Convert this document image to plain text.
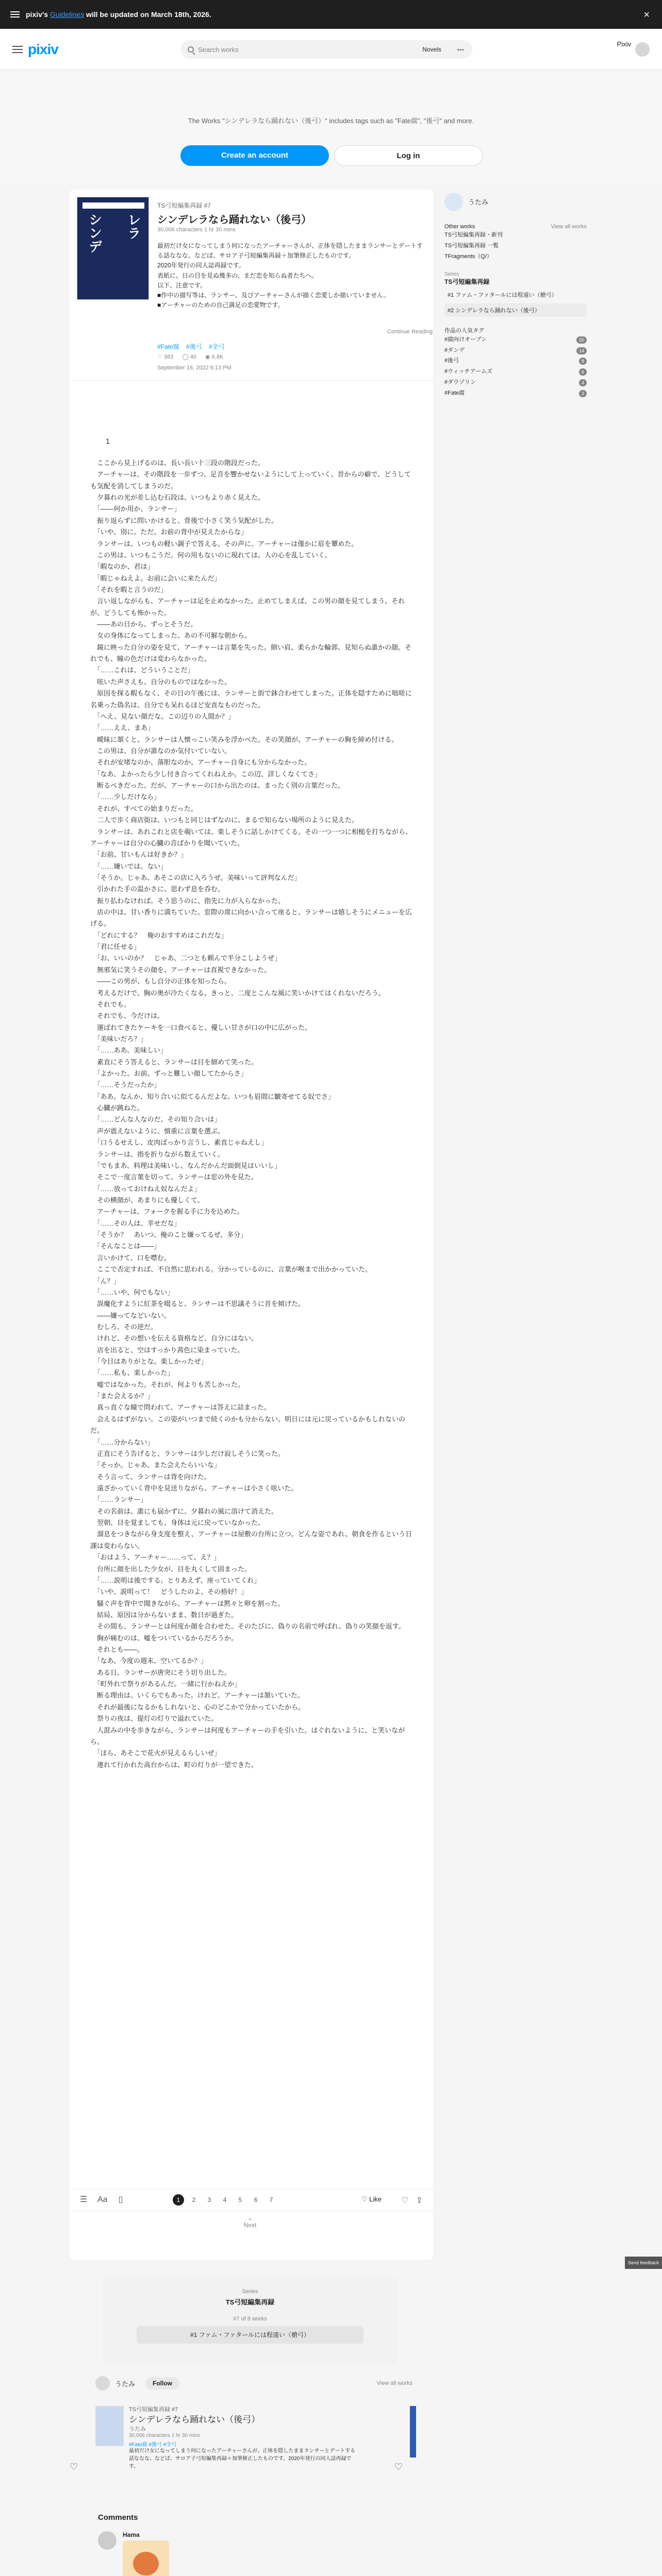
pixiv's Guidelines will be updated on March 18th, 2026.	×
pixiv	Search works	Novels •••
Pixiv
The Works "シンデレラなら踊れない（後弓）" includes tags such as "Fate腐", "後弓" and more.
Create an account	Log in
シンデ レラ
TS弓短編集再録 #7
シンデレラなら踊れない（後弓）
30,006 characters 1 hr 30 mins

最初だけ女になってしまう何になったアーチャーさんが、正体を隠したままランサーとデートする話ななな、などば、サロア子弓短編集再録＋加筆修正したものです。

2020年発行の同人誌再録です。

表紙に、日の目を見ぬ幾多の、まだ恋を知らぬ者たちへ。

以下、注意です。

■作中の描写等は、ランサー、及びアーチャーさんが描く恋愛しか描いていません。

■アーチャーのための自己満足の恋愛物です。

Continue Reading
#Fate腐 #後弓 #全弓
♡ 383 ◯ 40 ◉ 6.8K
September 16, 2022 6:13 PM
1

　ここから見上げるのは、長い長い十三段の階段だった。

　アーチャーは、その階段を一歩ずつ、足音を響かせないようにして上っていく。昔からの癖で、どうしても気配を消してしまうのだ。

　夕暮れの光が差し込む石段は、いつもより赤く見えた。

　「——何か用か、ランサー」

　振り返らずに問いかけると、背後で小さく笑う気配がした。

　「いや、別に。ただ、お前の背中が見えたからな」

　ランサーは、いつもの軽い調子で答える。その声に、アーチャーは僅かに眉を顰めた。

　この男は、いつもこうだ。何の用もないのに現れては、人の心を乱していく。

　「暇なのか、君は」

　「暇じゃねえよ。お前に会いに来たんだ」

　「それを暇と言うのだ」

　言い返しながらも、アーチャーは足を止めなかった。止めてしまえば、この男の顔を見てしまう。それが、どうしても怖かった。

　——あの日から、ずっとそうだ。

　女の身体になってしまった、あの不可解な朝から。

　鏡に映った自分の姿を見て、アーチャーは言葉を失った。細い肩、柔らかな輪郭、見知らぬ誰かの顔。それでも、瞳の色だけは変わらなかった。

　「……これは、どういうことだ」

　呟いた声さえも、自分のものではなかった。

　原因を探る暇もなく、その日の午後には、ランサーと街で鉢合わせてしまった。正体を隠すために咄嗟に名乗った偽名は、自分でも呆れるほど安直なものだった。

　「へえ、見ない顔だな。この辺りの人間か？」

　「……ええ、まあ」

　曖昧に頷くと、ランサーは人懐っこい笑みを浮かべた。その笑顔が、アーチャーの胸を締め付ける。

　この男は、自分が誰なのか気付いていない。

　それが安堵なのか、落胆なのか、アーチャー自身にも分からなかった。

　「なあ、よかったら少し付き合ってくれねえか。この辺、詳しくなくてさ」

　断るべきだった。だが、アーチャーの口から出たのは、まったく別の言葉だった。

　「……少しだけなら」

　それが、すべての始まりだった。

　二人で歩く商店街は、いつもと同じはずなのに、まるで知らない場所のように見えた。

　ランサーは、あれこれと店を覗いては、楽しそうに話しかけてくる。その一つ一つに相槌を打ちながら、アーチャーは自分の心臓の音ばかりを聞いていた。

　「お前、甘いもんは好きか？」

　「……嫌いでは、ない」

　「そうか。じゃあ、あそこの店に入ろうぜ。美味いって評判なんだ」

　引かれた手の温かさに、思わず息を呑む。

　振り払わなければ。そう思うのに、指先に力が入らなかった。

　店の中は、甘い香りに満ちていた。窓際の席に向かい合って座ると、ランサーは嬉しそうにメニューを広げる。

　「どれにする？　俺のおすすめはこれだな」

　「君に任せる」

　「お、いいのか？　じゃあ、二つとも頼んで半分こしようぜ」

　無邪気に笑うその顔を、アーチャーは直視できなかった。

　——この男が、もし自分の正体を知ったら。

　考えるだけで、胸の奥が冷たくなる。きっと、二度とこんな風に笑いかけてはくれないだろう。

　それでも。

　それでも、今だけは。

　運ばれてきたケーキを一口食べると、優しい甘さが口の中に広がった。

　「美味いだろ？」

　「……ああ、美味しい」

　素直にそう答えると、ランサーは目を細めて笑った。

　「よかった。お前、ずっと難しい顔してたからさ」

　「……そうだったか」

　「ああ。なんか、知り合いに似てるんだよな。いつも眉間に皺寄せてる奴でさ」

　心臓が跳ねた。

　「……どんな人なのだ、その知り合いは」

　声が震えないように、慎重に言葉を選ぶ。

　「口うるせえし、皮肉ばっかり言うし、素直じゃねえし」

　ランサーは、指を折りながら数えていく。

　「でもまあ、料理は美味いし、なんだかんだ面倒見はいいし」

　そこで一度言葉を切って、ランサーは窓の外を見た。

　「……放っておけねえ奴なんだよ」

　その横顔が、あまりにも優しくて。

　アーチャーは、フォークを握る手に力を込めた。

　「……その人は、幸せだな」

　「そうか？　あいつ、俺のこと嫌ってるぜ、多分」

　「そんなことは——」

　言いかけて、口を噤む。

　ここで否定すれば、不自然に思われる。分かっているのに、言葉が喉まで出かかっていた。

　「ん？」

　「……いや、何でもない」

　誤魔化すように紅茶を啜ると、ランサーは不思議そうに首を傾げた。

　——嫌ってなどいない。

　むしろ、その逆だ。

　けれど、その想いを伝える資格など、自分にはない。

　店を出ると、空はすっかり茜色に染まっていた。

　「今日はありがとな。楽しかったぜ」

　「……私も、楽しかった」

　嘘ではなかった。それが、何よりも苦しかった。

　「また会えるか？」

　真っ直ぐな瞳で問われて、アーチャーは答えに詰まった。

　会えるはずがない。この姿がいつまで続くのかも分からない。明日には元に戻っているかもしれないのだ。

　「……分からない」

　正直にそう告げると、ランサーは少しだけ寂しそうに笑った。

　「そっか。じゃあ、また会えたらいいな」

　そう言って、ランサーは背を向けた。

　遠ざかっていく背中を見送りながら、アーチャーは小さく呟いた。

　「……ランサー」

　その名前は、誰にも届かずに、夕暮れの風に溶けて消えた。

　翌朝、目を覚ましても、身体は元に戻っていなかった。

　溜息をつきながら身支度を整え、アーチャーは屋敷の台所に立つ。どんな姿であれ、朝食を作るという日課は変わらない。

　「おはよう、アーチャー……って、え？」

　台所に顔を出した少女が、目を丸くして固まった。

　「……説明は後でする。とりあえず、座っていてくれ」

　「いや、説明って！　どうしたのよ、その格好！」

　騒ぐ声を背中で聞きながら、アーチャーは黙々と卵を割った。

　結局、原因は分からないまま、数日が過ぎた。

　その間も、ランサーとは何度か顔を合わせた。そのたびに、偽りの名前で呼ばれ、偽りの笑顔を返す。

　胸が痛むのは、嘘をついているからだろうか。

　それとも——。

　「なあ、今度の週末、空いてるか？」

　ある日、ランサーが唐突にそう切り出した。

　「町外れで祭りがあるんだ。一緒に行かねえか」

　断る理由は、いくらでもあった。けれど、アーチャーは頷いていた。

　それが最後になるかもしれないと、心のどこかで分かっていたから。

　祭りの夜は、提灯の灯りで溢れていた。

　人混みの中を歩きながら、ランサーは何度もアーチャーの手を引いた。はぐれないように、と笑いながら。

　「ほら、あそこで花火が見えるらしいぜ」

　連れて行かれた高台からは、町の灯りが一望できた。

☰ Aa ▯	1	2	3	4	5	6	7	♡ Like ♡ ⇪
⌄
Next
Series
TS弓短編集再録
#7 of 8 works
#1 ファム・ファタールには程遠い（槍弓）
うたみ	Follow	View all works
TS弓短編集再録 #7
シンデレラなら踊れない（後弓）
うたみ
30,006 characters 1 hr 30 mins
#Fate腐 #後弓 #全弓
最初だけ女になってしまう何になったアーチャーさんが、正体を隠したままランサーとデートする話ななな、などば、サロア子弓短編集再録＋加筆修正したものです。2020年発行の同人誌再録です。
♡	♡
Comments
Hama
うたみ
Other works	View all works
TS弓短編集再録・新刊
TS弓短編集再録 一覧
TFragments（Q/）
Series
TS弓短編集再録
#1 ファム・ファタールには程遠い（槍弓）
#2 シンデレラなら踊れない（後弓）
作品の人気タグ
#腐向けオーブン	20
#ダンデ	14
#後弓	8
#ウィッチアームズ	6
#ダウゾリン	4
#Fate腐	3
Send feedback
